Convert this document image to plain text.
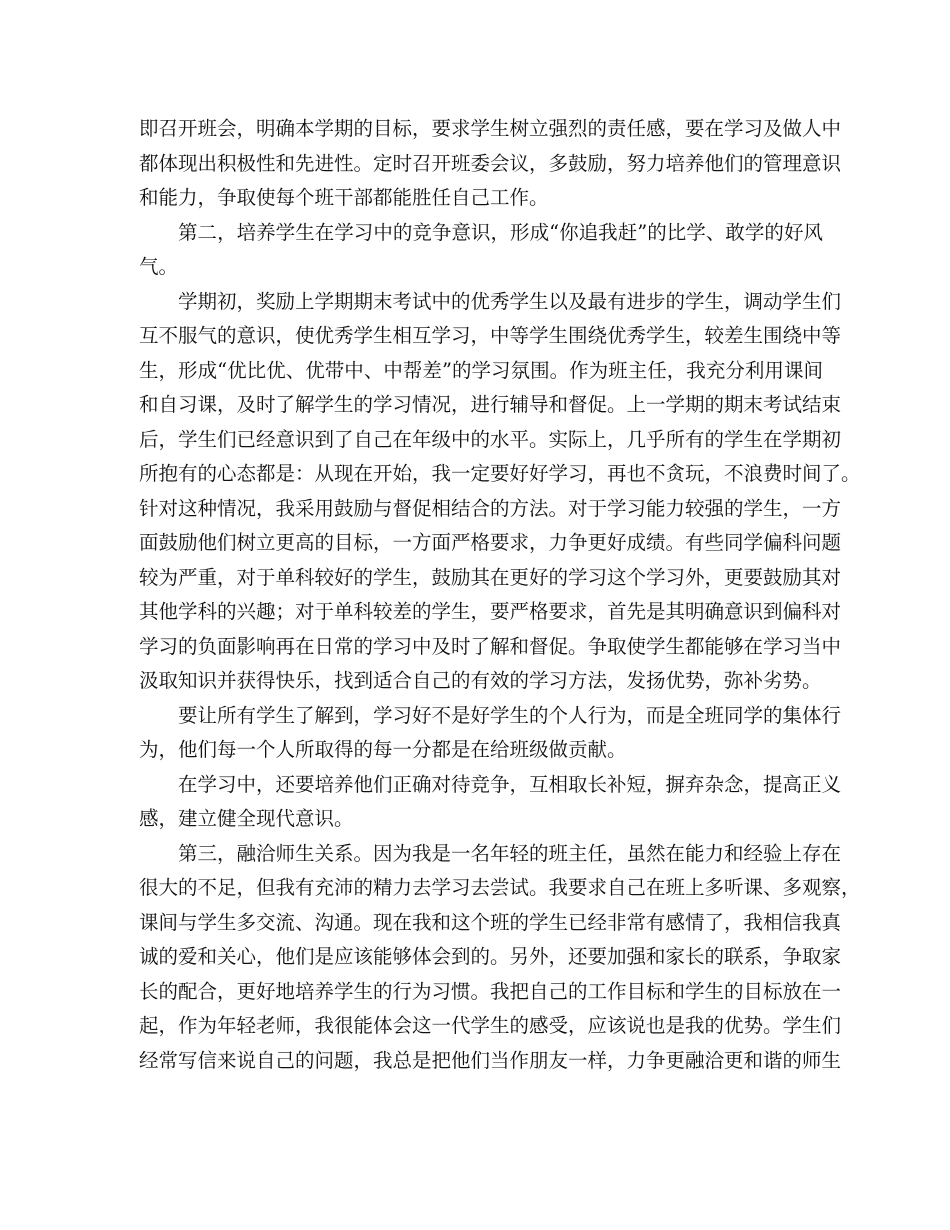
即召开班会，明确本学期的目标，要求学生树立强烈的责任感，要在学习及做人中
都体现出积极性和先进性。定时召开班委会议，多鼓励，努力培养他们的管理意识
和能力，争取使每个班干部都能胜任自己工作。
第二，培养学生在学习中的竞争意识，形成“你追我赶”的比学、敢学的好风
气。
学期初，奖励上学期期末考试中的优秀学生以及最有进步的学生，调动学生们
互不服气的意识，使优秀学生相互学习，中等学生围绕优秀学生，较差生围绕中等
生，形成“优比优、优带中、中帮差”的学习氛围。作为班主任，我充分利用课间
和自习课，及时了解学生的学习情况，进行辅导和督促。上一学期的期末考试结束
后，学生们已经意识到了自己在年级中的水平。实际上，几乎所有的学生在学期初
所抱有的心态都是：从现在开始，我一定要好好学习，再也不贪玩，不浪费时间了。
针对这种情况，我采用鼓励与督促相结合的方法。对于学习能力较强的学生，一方
面鼓励他们树立更高的目标，一方面严格要求，力争更好成绩。有些同学偏科问题
较为严重，对于单科较好的学生，鼓励其在更好的学习这个学习外，更要鼓励其对
其他学科的兴趣；对于单科较差的学生，要严格要求，首先是其明确意识到偏科对
学习的负面影响再在日常的学习中及时了解和督促。争取使学生都能够在学习当中
汲取知识并获得快乐，找到适合自己的有效的学习方法，发扬优势，弥补劣势。
要让所有学生了解到，学习好不是好学生的个人行为，而是全班同学的集体行
为，他们每一个人所取得的每一分都是在给班级做贡献。
在学习中，还要培养他们正确对待竞争，互相取长补短，摒弃杂念，提高正义
感，建立健全现代意识。
第三，融洽师生关系。因为我是一名年轻的班主任，虽然在能力和经验上存在
很大的不足，但我有充沛的精力去学习去尝试。我要求自己在班上多听课、多观察，
课间与学生多交流、沟通。现在我和这个班的学生已经非常有感情了，我相信我真
诚的爱和关心，他们是应该能够体会到的。另外，还要加强和家长的联系，争取家
长的配合，更好地培养学生的行为习惯。我把自己的工作目标和学生的目标放在一
起，作为年轻老师，我很能体会这一代学生的感受，应该说也是我的优势。学生们
经常写信来说自己的问题，我总是把他们当作朋友一样，力争更融洽更和谐的师生
